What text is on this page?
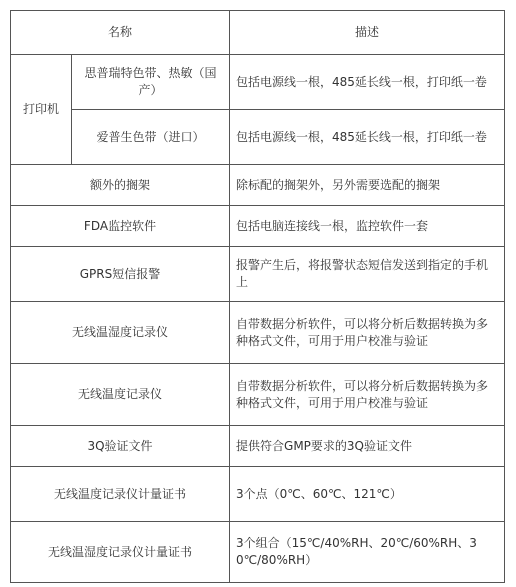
名称		描述
打印机	思普瑞特色带、热敏（国产）	包括电源线一根，485延长线一根，打印纸一卷
	爱普生色带（进口）	包括电源线一根，485延长线一根，打印纸一卷
额外的搁架		除标配的搁架外，另外需要选配的搁架
FDA监控软件		包括电脑连接线一根，监控软件一套
GPRS短信报警		报警产生后，将报警状态短信发送到指定的手机上
无线温湿度记录仪		自带数据分析软件，可以将分析后数据转换为多种格式文件，可用于用户校准与验证
无线温度记录仪		自带数据分析软件，可以将分析后数据转换为多种格式文件，可用于用户校准与验证
3Q验证文件		提供符合GMP要求的3Q验证文件
无线温度记录仪计量证书		3个点（0℃、60℃、121℃）
无线温湿度记录仪计量证书		3个组合（15℃/40%RH、20℃/60%RH、30℃/80%RH）
